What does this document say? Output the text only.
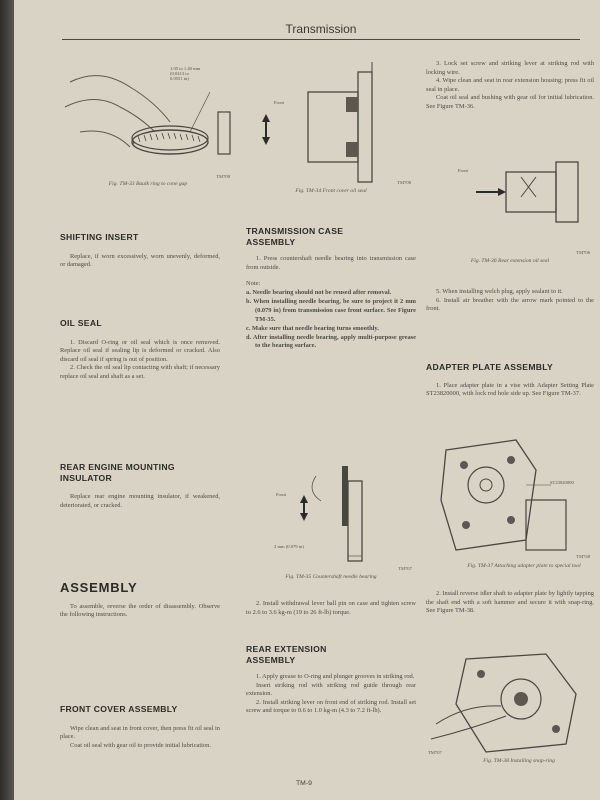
Transmission
1.05 to 1.40 mm
(0.0413 to
0.0551 in)
TM709
Fig. TM-33 Baulk ring to cone gap
SHIFTING INSERT

Replace, if worn excessively, worn unevenly, deformed, or damaged.

OIL SEAL

1. Discard O-ring or oil seal which is once removed. Replace oil seal if sealing lip is deformed or cracked. Also discard oil seal if spring is out of position.

2. Check the oil seal lip contacting with shaft; if necessary replace oil seal and shaft as a set.

REAR ENGINE MOUNTING INSULATOR

Replace rear engine mounting insulator, if weakened, deteriorated, or cracked.

ASSEMBLY

To assemble, reverse the order of disassembly. Observe the following instructions.

FRONT COVER ASSEMBLY

Wipe clean and seat in front cover, then press fit oil seal in place.

Coat oil seal with gear oil to provide initial lubrication.

Front
TM708
Fig. TM-34 Front cover oil seal
TRANSMISSION CASE ASSEMBLY

1. Press countershaft needle bearing into transmission case from outside.

Note:

a. Needle bearing should not be reused after removal.

b. When installing needle bearing, be sure to project it 2 mm (0.079 in) from transmission case front surface. See Figure TM-35.

c. Make sure that needle bearing turns smoothly.

d. After installing needle bearing, apply multi-purpose grease to the bearing surface.

Front
2 mm (0.079 in)
TM707
Fig. TM-35 Countershaft needle bearing

2. Install withdrawal lever ball pin on case and tighten screw to 2.6 to 3.6 kg-m (19 to 26 ft-lb) torque.

REAR EXTENSION ASSEMBLY

1. Apply grease to O-ring and plunger grooves in striking rod.

Insert striking rod with striking rod guide through rear extension.

2. Install striking lever on front end of striking rod. Install set screw and torque to 0.6 to 1.0 kg-m (4.3 to 7.2 ft-lb).

3. Lock set screw and striking lever at striking rod with locking wire.

4. Wipe clean and seat in rear extension housing; press fit oil seal in place.

Coat oil seal and bushing with gear oil for initial lubrication. See Figure TM-36.

Front
TM706
Fig. TM-36 Rear extension oil seal

5. When installing welch plug, apply sealant to it.

6. Install air breather with the arrow mark pointed to the front.

ADAPTER PLATE ASSEMBLY

1. Place adapter plate in a vise with Adapter Setting Plate ST23820000, with lock rod hole side up. See Figure TM-37.

ST23820000
TM748
Fig. TM-37 Attaching adapter plate to special tool

2. Install reverse idler shaft to adapter plate by lightly tapping the shaft end with a soft hammer and secure it with snap-ring. See Figure TM-38.

TM707
Fig. TM-38 Installing snap-ring
TM-9
